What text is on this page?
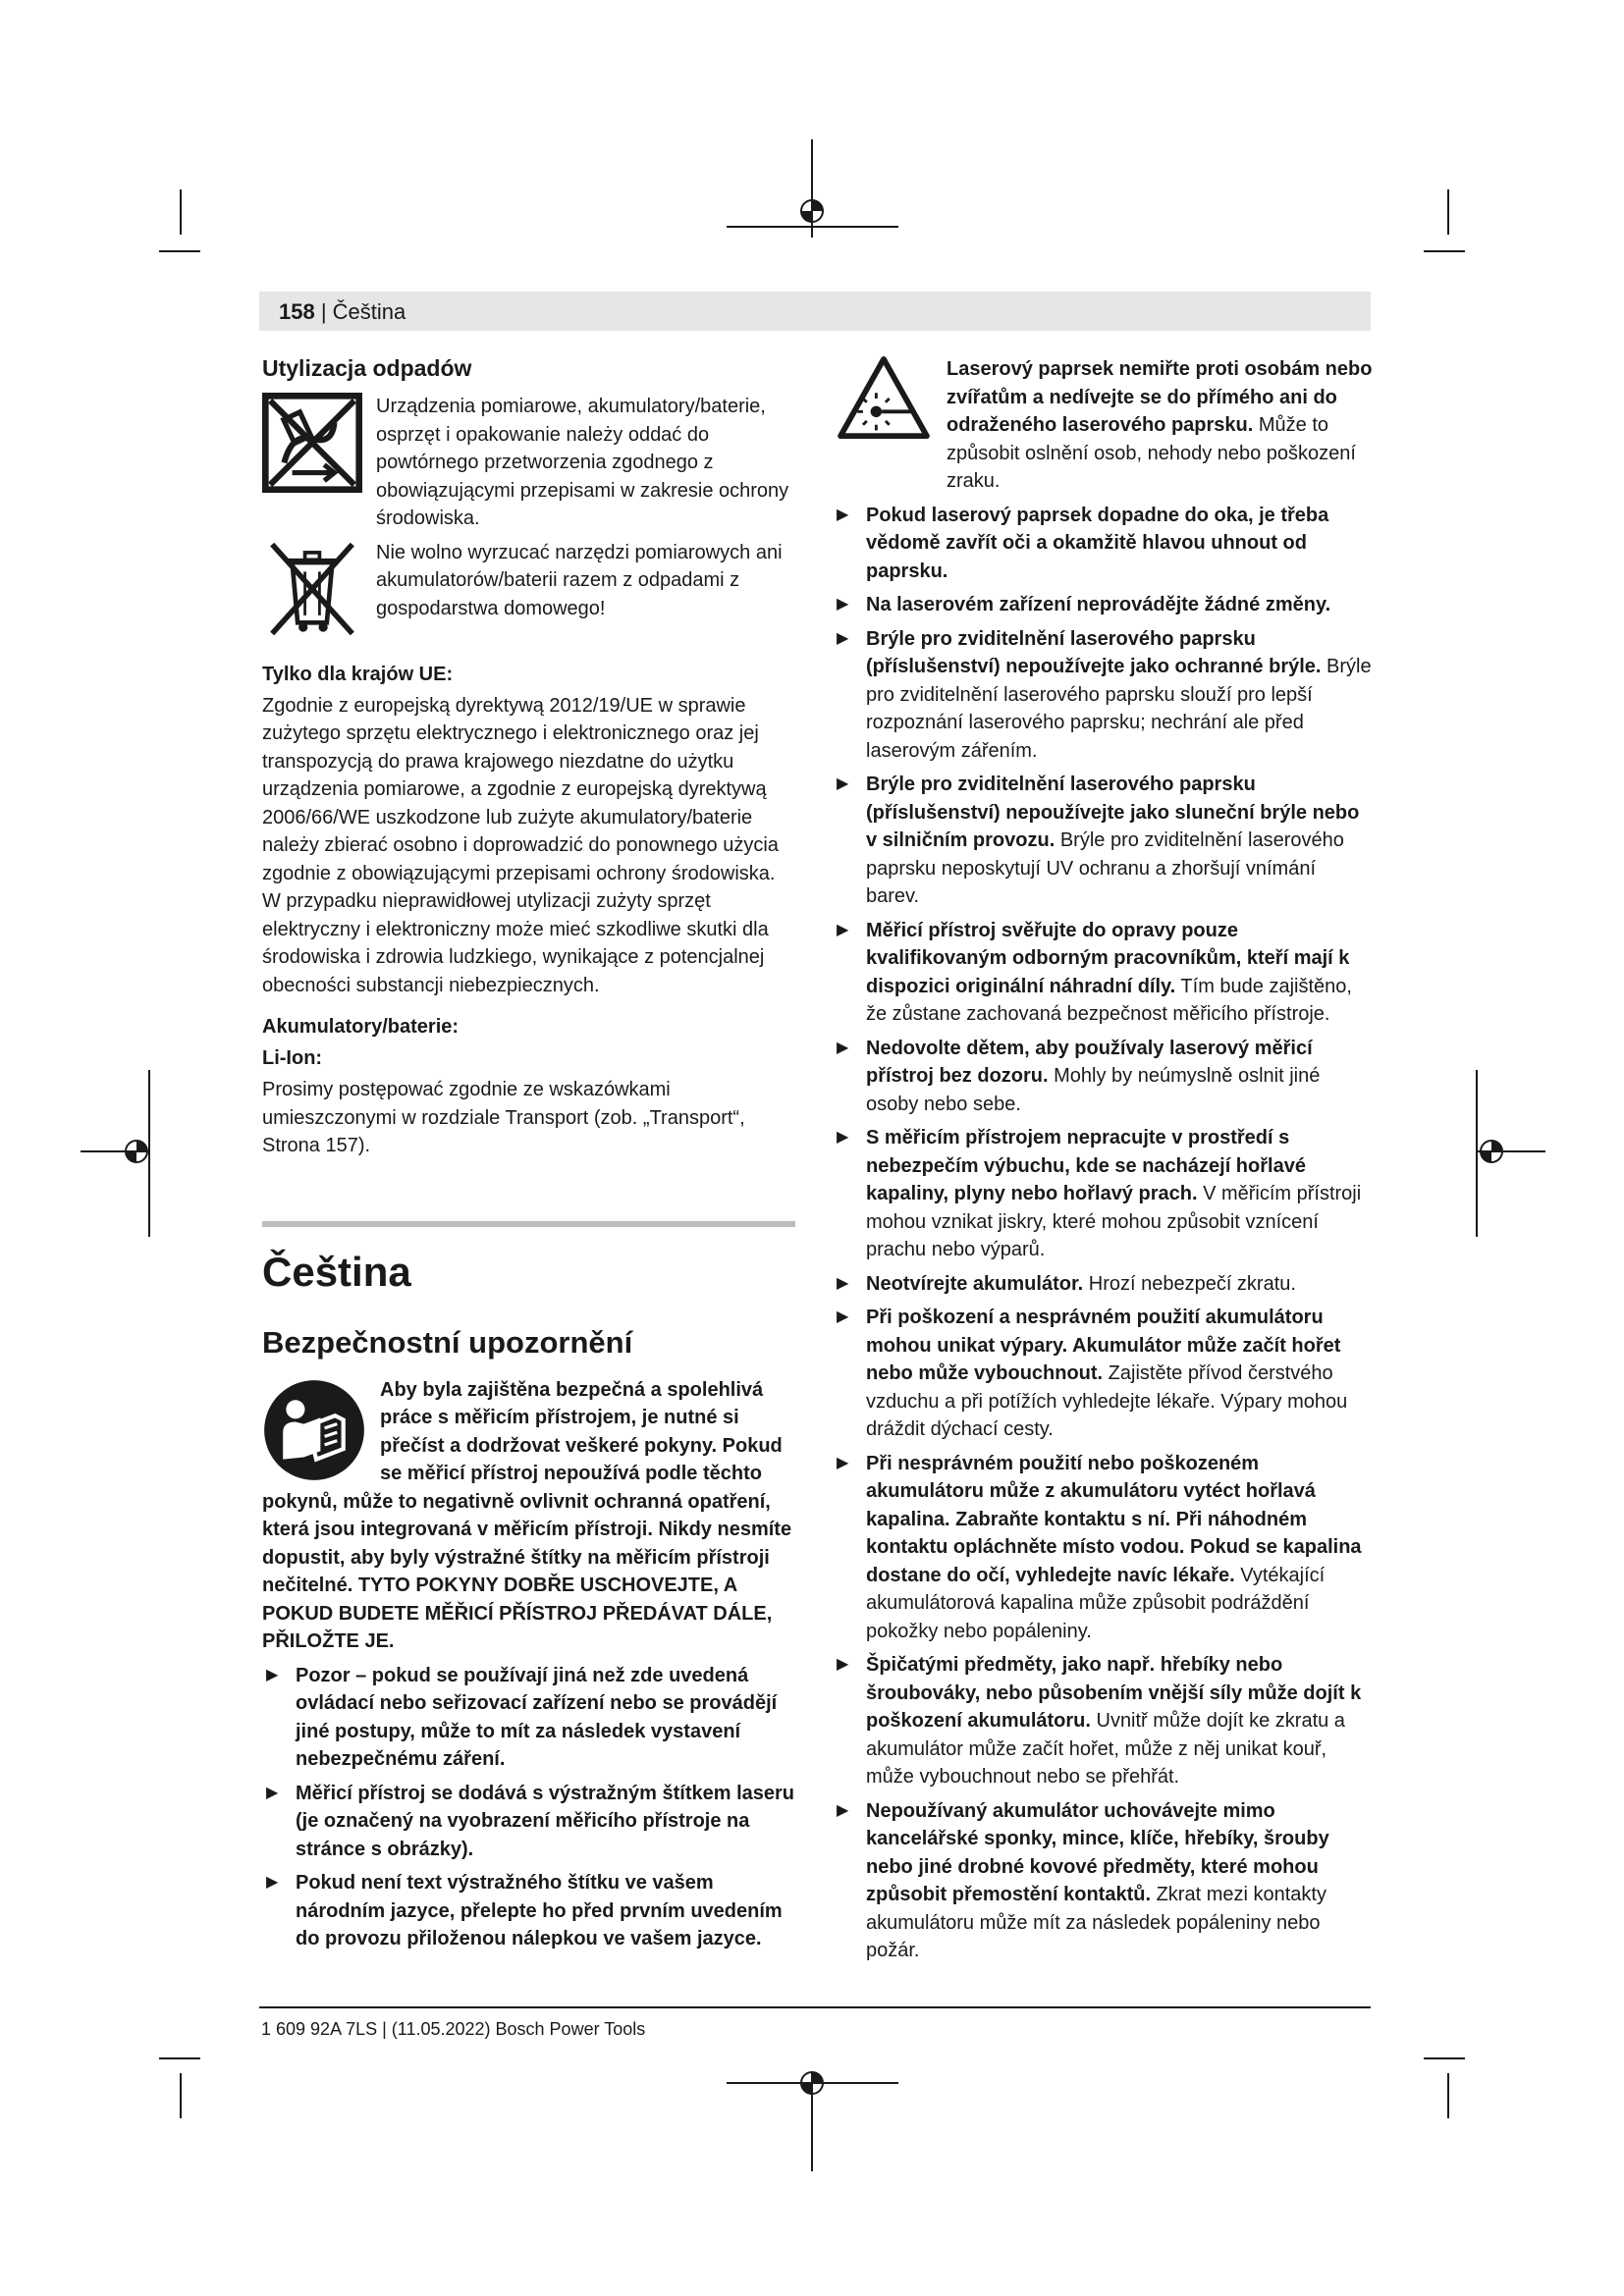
158 | Čeština
Utylizacja odpadów

Urządzenia pomiarowe, akumulatory/baterie, osprzęt i opakowanie należy oddać do powtórnego przetworzenia zgodnego z obowiązującymi przepisami w zakresie ochrony środowiska.

Nie wolno wyrzucać narzędzi pomiarowych ani akumulatorów/baterii razem z odpadami z gospodarstwa domowego!

Tylko dla krajów UE:

Zgodnie z europejską dyrektywą 2012/19/UE w sprawie zużytego sprzętu elektrycznego i elektronicznego oraz jej transpozycją do prawa krajowego niezdatne do użytku urządzenia pomiarowe, a zgodnie z europejską dyrektywą 2006/66/WE uszkodzone lub zużyte akumulatory/baterie należy zbierać osobno i doprowadzić do ponownego użycia zgodnie z obowiązującymi przepisami ochrony środowiska.

W przypadku nieprawidłowej utylizacji zużyty sprzęt elektryczny i elektroniczny może mieć szkodliwe skutki dla środowiska i zdrowia ludzkiego, wynikające z potencjalnej obecności substancji niebezpiecznych.

Akumulatory/baterie:
Li-Ion:

Prosimy postępować zgodnie ze wskazówkami umieszczonymi w rozdziale Transport (zob. „Transport“, Strona 157).

Čeština
Bezpečnostní upozornění

Aby byla zajištěna bezpečná a spolehlivá práce s měřicím přístrojem, je nutné si přečíst a dodržovat veškeré pokyny. Pokud se měřicí přístroj nepoužívá podle těchto pokynů, může to negativně ovlivnit ochranná opatření, která jsou integrovaná v měřicím přístroji. Nikdy nesmíte dopustit, aby byly výstražné štítky na měřicím přístroji nečitelné. TYTO POKYNY DOBŘE USCHOVEJTE, A POKUD BUDETE MĚŘICÍ PŘÍSTROJ PŘEDÁVAT DÁLE, PŘILOŽTE JE.

▶ Pozor – pokud se používají jiná než zde uvedená ovládací nebo seřizovací zařízení nebo se provádějí jiné postupy, může to mít za následek vystavení nebezpečnému záření.
▶ Měřicí přístroj se dodává s výstražným štítkem laseru (je označený na vyobrazení měřicího přístroje na stránce s obrázky).
▶ Pokud není text výstražného štítku ve vašem národním jazyce, přelepte ho před prvním uvedením do provozu přiloženou nálepkou ve vašem jazyce.

Laserový paprsek nemiřte proti osobám nebo zvířatům a nedívejte se do přímého ani do odraženého laserového paprsku. Může to způsobit oslnění osob, nehody nebo poškození zraku.

▶ Pokud laserový paprsek dopadne do oka, je třeba vědomě zavřít oči a okamžitě hlavou uhnout od paprsku.
▶ Na laserovém zařízení neprovádějte žádné změny.
▶ Brýle pro zviditelnění laserového paprsku (příslušenství) nepoužívejte jako ochranné brýle. Brýle pro zviditelnění laserového paprsku slouží pro lepší rozpoznání laserového paprsku; nechrání ale před laserovým zářením.
▶ Brýle pro zviditelnění laserového paprsku (příslušenství) nepoužívejte jako sluneční brýle nebo v silničním provozu. Brýle pro zviditelnění laserového paprsku neposkytují UV ochranu a zhoršují vnímání barev.
▶ Měřicí přístroj svěřujte do opravy pouze kvalifikovaným odborným pracovníkům, kteří mají k dispozici originální náhradní díly. Tím bude zajištěno, že zůstane zachovaná bezpečnost měřicího přístroje.
▶ Nedovolte dětem, aby používaly laserový měřicí přístroj bez dozoru. Mohly by neúmyslně oslnit jiné osoby nebo sebe.
▶ S měřicím přístrojem nepracujte v prostředí s nebezpečím výbuchu, kde se nacházejí hořlavé kapaliny, plyny nebo hořlavý prach. V měřicím přístroji mohou vznikat jiskry, které mohou způsobit vznícení prachu nebo výparů.
▶ Neotvírejte akumulátor. Hrozí nebezpečí zkratu.
▶ Při poškození a nesprávném použití akumulátoru mohou unikat výpary. Akumulátor může začít hořet nebo může vybouchnout. Zajistěte přívod čerstvého vzduchu a při potížích vyhledejte lékaře. Výpary mohou dráždit dýchací cesty.
▶ Při nesprávném použití nebo poškozeném akumulátoru může z akumulátoru vytéct hořlavá kapalina. Zabraňte kontaktu s ní. Při náhodném kontaktu opláchněte místo vodou. Pokud se kapalina dostane do očí, vyhledejte navíc lékaře. Vytékající akumulátorová kapalina může způsobit podráždění pokožky nebo popáleniny.
▶ Špičatými předměty, jako např. hřebíky nebo šroubováky, nebo působením vnější síly může dojít k poškození akumulátoru. Uvnitř může dojít ke zkratu a akumulátor může začít hořet, může z něj unikat kouř, může vybouchnout nebo se přehřát.
▶ Nepoužívaný akumulátor uchovávejte mimo kancelářské sponky, mince, klíče, hřebíky, šrouby nebo jiné drobné kovové předměty, které mohou způsobit přemostění kontaktů. Zkrat mezi kontakty akumulátoru může mít za následek popáleniny nebo požár.
1 609 92A 7LS | (11.05.2022) Bosch Power Tools
